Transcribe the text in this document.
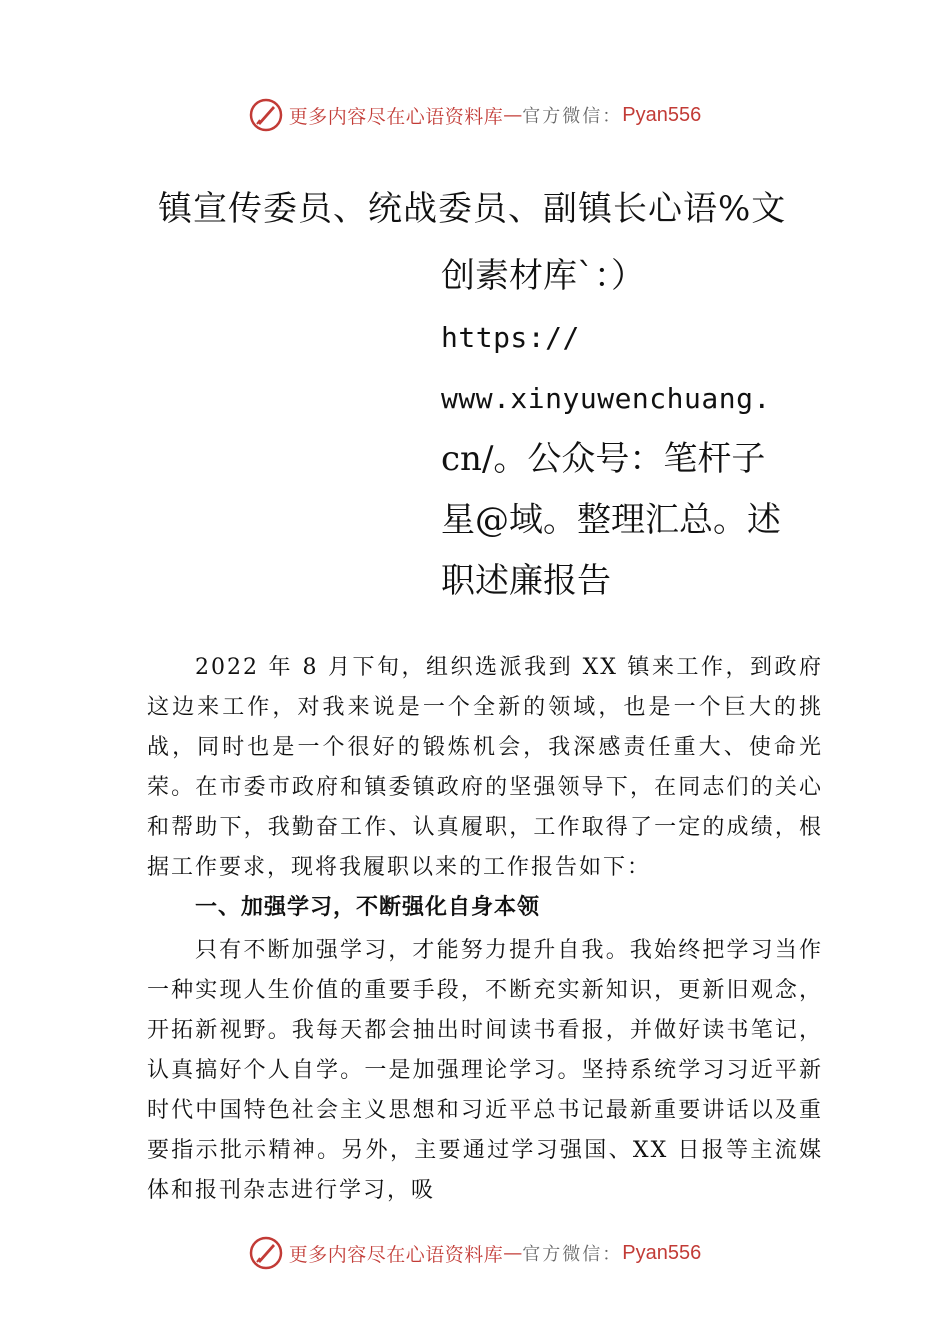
更多内容尽在心语资料库 — 官方微信： Pyan556
镇宣传委员、统战委员、副镇长心语%文
创素材库`：）
https://
www.xinyuwenchuang.
cn/。公众号：笔杆子
星@域。整理汇总。述
职述廉报告

2022 年 8 月下旬，组织选派我到 XX 镇来工作，到政府这边来工作，对我来说是一个全新的领域，也是一个巨大的挑战，同时也是一个很好的锻炼机会，我深感责任重大、使命光荣。在市委市政府和镇委镇政府的坚强领导下，在同志们的关心和帮助下，我勤奋工作、认真履职，工作取得了一定的成绩，根据工作要求，现将我履职以来的工作报告如下：

一、加强学习，不断强化自身本领

只有不断加强学习，才能努力提升自我。我始终把学习当作一种实现人生价值的重要手段，不断充实新知识，更新旧观念，开拓新视野。我每天都会抽出时间读书看报，并做好读书笔记，认真搞好个人自学。一是加强理论学习。坚持系统学习习近平新时代中国特色社会主义思想和习近平总书记最新重要讲话以及重要指示批示精神。另外，主要通过学习强国、XX 日报等主流媒体和报刊杂志进行学习，吸

更多内容尽在心语资料库 — 官方微信： Pyan556
